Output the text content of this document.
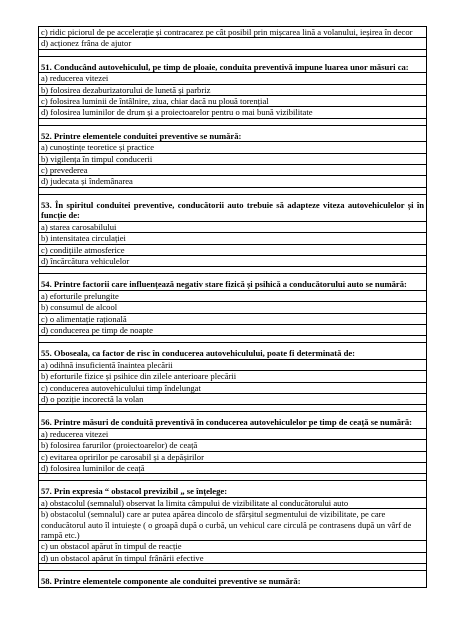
c) ridic piciorul de pe accelerație și contracarez pe cât posibil prin mișcarea lină a volanului, ieșirea în decor
d) acționez frâna de ajutor

51. Conducând autovehiculul, pe timp de ploaie, conduita preventivă impune luarea unor măsuri ca:
a) reducerea vitezei
b) folosirea dezaburizatorului de lunetă și parbriz
c) folosirea luminii de întâlnire, ziua, chiar dacă nu plouă torențial
d) folosirea luminilor de drum și a proiectoarelor pentru o mai bună vizibilitate

52. Printre elementele conduitei preventive se numără:
a) cunoștințe teoretice și practice
b) vigilența în timpul conducerii
c) prevederea
d) judecata și îndemânarea

53. În spiritul conduitei preventive, conducătorii auto trebuie să adapteze viteza autovehiculelor și în funcție de:
a) starea carosabilului
b) intensitatea circulației
c) condițiile atmosferice
d) încărcătura vehiculelor

54. Printre factorii care influențează negativ stare fizică și psihică a conducătorului auto se numără:
a) eforturile prelungite
b) consumul de alcool
c) o alimentație rațională
d) conducerea pe timp de noapte

55. Oboseala, ca factor de risc în conducerea autovehiculului, poate fi determinată de:
a) odihnă insuficientă înaintea plecării
b) eforturile fizice și psihice din zilele anterioare plecării
c) conducerea autovehiculului timp îndelungat
d) o poziție incorectă la volan

56. Printre măsuri de conduită preventivă în conducerea autovehiculelor pe timp de ceață se numără:
a) reducerea vitezei
b) folosirea farurilor (proiectoarelor) de ceață
c) evitarea opririlor pe carosabil și a depășirilor
d) folosirea luminilor de ceață

57. Prin expresia “ obstacol previzibil „ se înțelege:
a) obstacolul (semnalul) observat la limita câmpului de vizibilitate al conducătorului auto
b) obstacolul (semnalul) care ar putea apărea dincolo de sfârșitul segmentului de vizibilitate, pe care conducătorul auto îl intuiește ( o groapă după o curbă, un vehicul care circulă pe contrasens după un vârf de rampă etc.)
c) un obstacol apărut în timpul de reacție
d) un obstacol apărut în timpul frânării efective

58. Printre elementele componente ale conduitei preventive se numără:
